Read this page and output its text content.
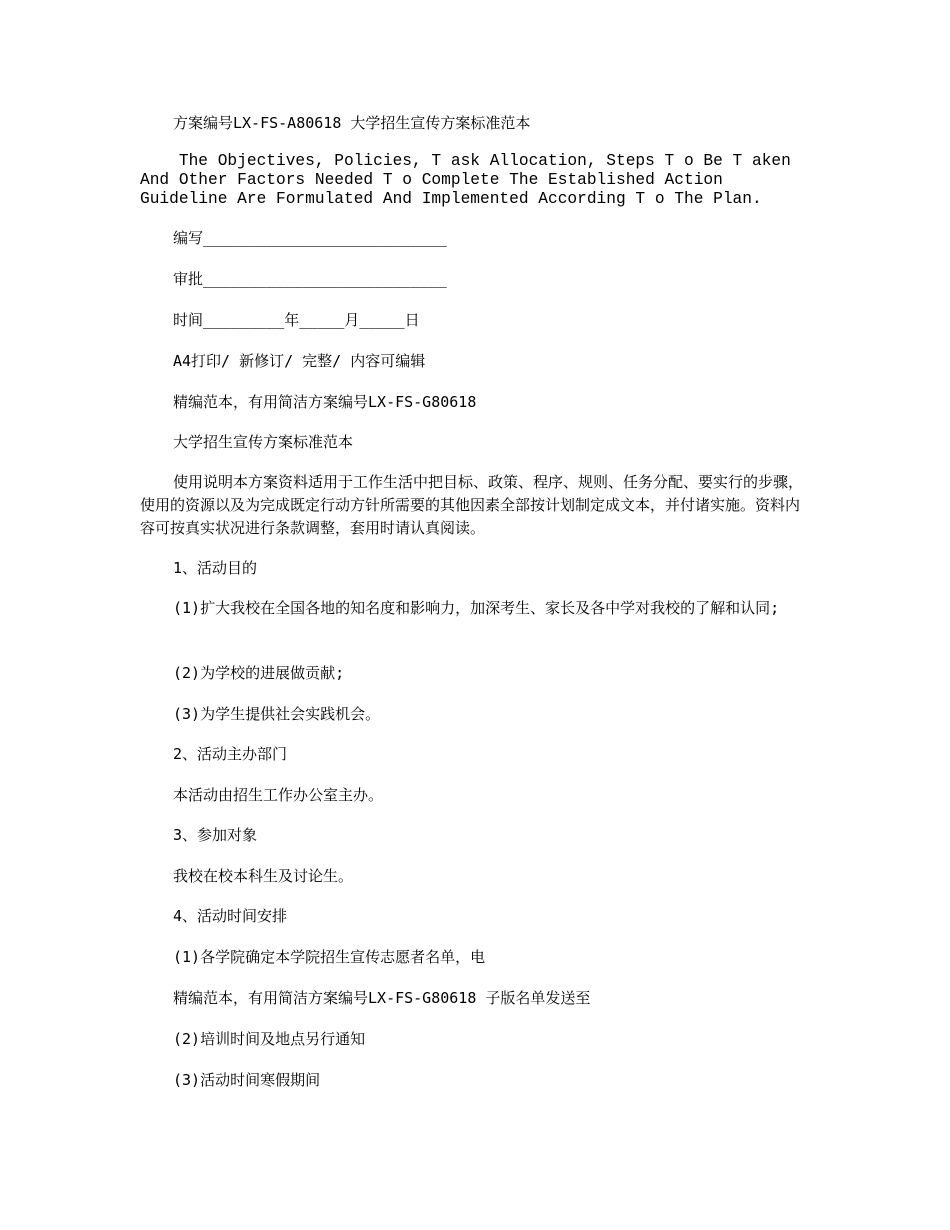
方案编号LX-FS-A80618 大学招生宣传方案标准范本
The Objectives, Policies, T ask Allocation, Steps T o Be T aken
And Other Factors Needed T o Complete The Established Action
Guideline Are Formulated And Implemented According T o The Plan.
编写___________________________
审批___________________________
时间_________年_____月_____日
A4打印/ 新修订/ 完整/ 内容可编辑
精编范本，有用简洁方案编号LX-FS-G80618
大学招生宣传方案标准范本
使用说明本方案资料适用于工作生活中把目标、政策、程序、规则、任务分配、要实行的步骤，使用的资源以及为完成既定行动方针所需要的其他因素全部按计划制定成文本，并付诸实施。资料内容可按真实状况进行条款调整，套用时请认真阅读。
1、活动目的
(1)扩大我校在全国各地的知名度和影响力，加深考生、家长及各中学对我校的了解和认同;
(2)为学校的进展做贡献;
(3)为学生提供社会实践机会。
2、活动主办部门
本活动由招生工作办公室主办。
3、参加对象
我校在校本科生及讨论生。
4、活动时间安排
(1)各学院确定本学院招生宣传志愿者名单，电
精编范本，有用简洁方案编号LX-FS-G80618 子版名单发送至
(2)培训时间及地点另行通知
(3)活动时间寒假期间
